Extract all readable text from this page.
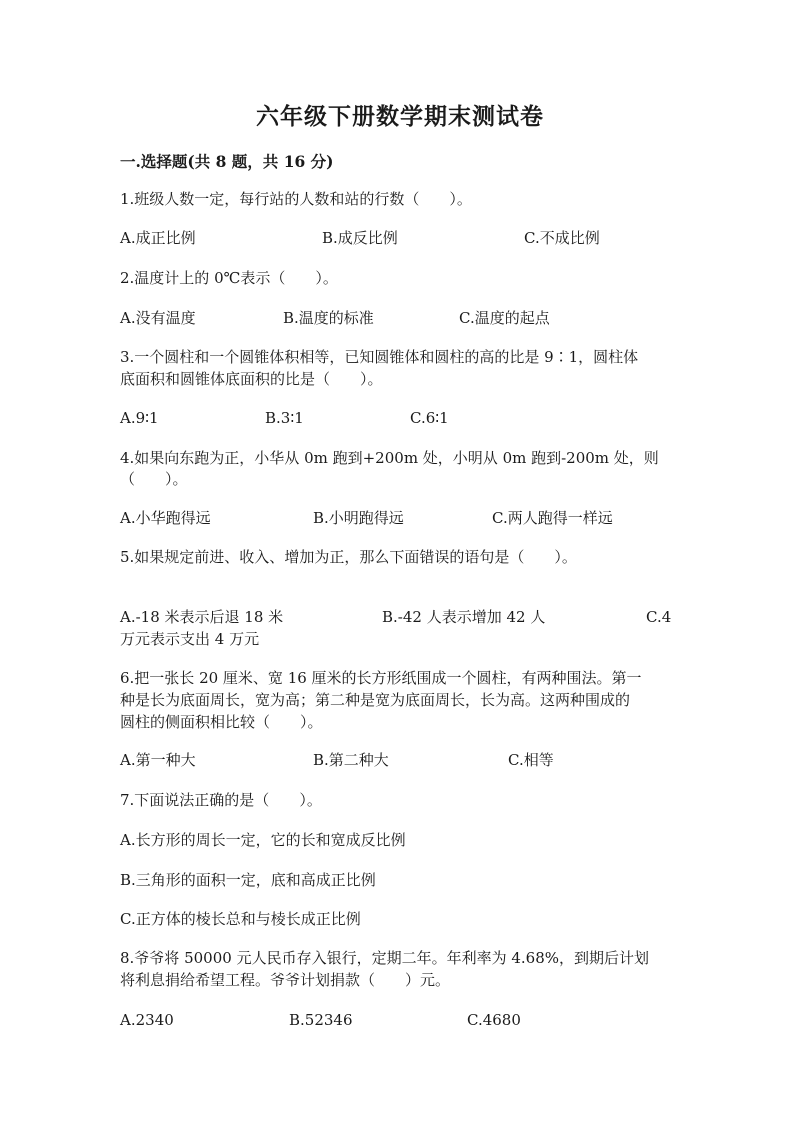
六年级下册数学期末测试卷
一.选择题(共 8 题，共 16 分)
1.班级人数一定，每行站的人数和站的行数（　　）。
A.成正比例	B.成反比例	C.不成比例
2.温度计上的 0℃表示（　　）。
A.没有温度	B.温度的标准	C.温度的起点
3.一个圆柱和一个圆锥体积相等，已知圆锥体和圆柱的高的比是 9∶1，圆柱体
底面积和圆锥体底面积的比是（　　）。
A.9∶1	B.3∶1	C.6∶1
4.如果向东跑为正，小华从 0m 跑到+200m 处，小明从 0m 跑到-200m 处，则
（　　）。
A.小华跑得远	B.小明跑得远	C.两人跑得一样远
5.如果规定前进、收入、增加为正，那么下面错误的语句是（　　）。
A.-18 米表示后退 18 米	B.-42 人表示增加 42 人	C.4
万元表示支出 4 万元
6.把一张长 20 厘米、宽 16 厘米的长方形纸围成一个圆柱，有两种围法。第一
种是长为底面周长，宽为高；第二种是宽为底面周长，长为高。这两种围成的
圆柱的侧面积相比较（　　）。
A.第一种大	B.第二种大	C.相等
7.下面说法正确的是（　　）。
A.长方形的周长一定，它的长和宽成反比例
B.三角形的面积一定，底和高成正比例
C.正方体的棱长总和与棱长成正比例
8.爷爷将 50000 元人民币存入银行，定期二年。年利率为 4.68%，到期后计划
将利息捐给希望工程。爷爷计划捐款（　　）元。
A.2340	B.52346	C.4680
